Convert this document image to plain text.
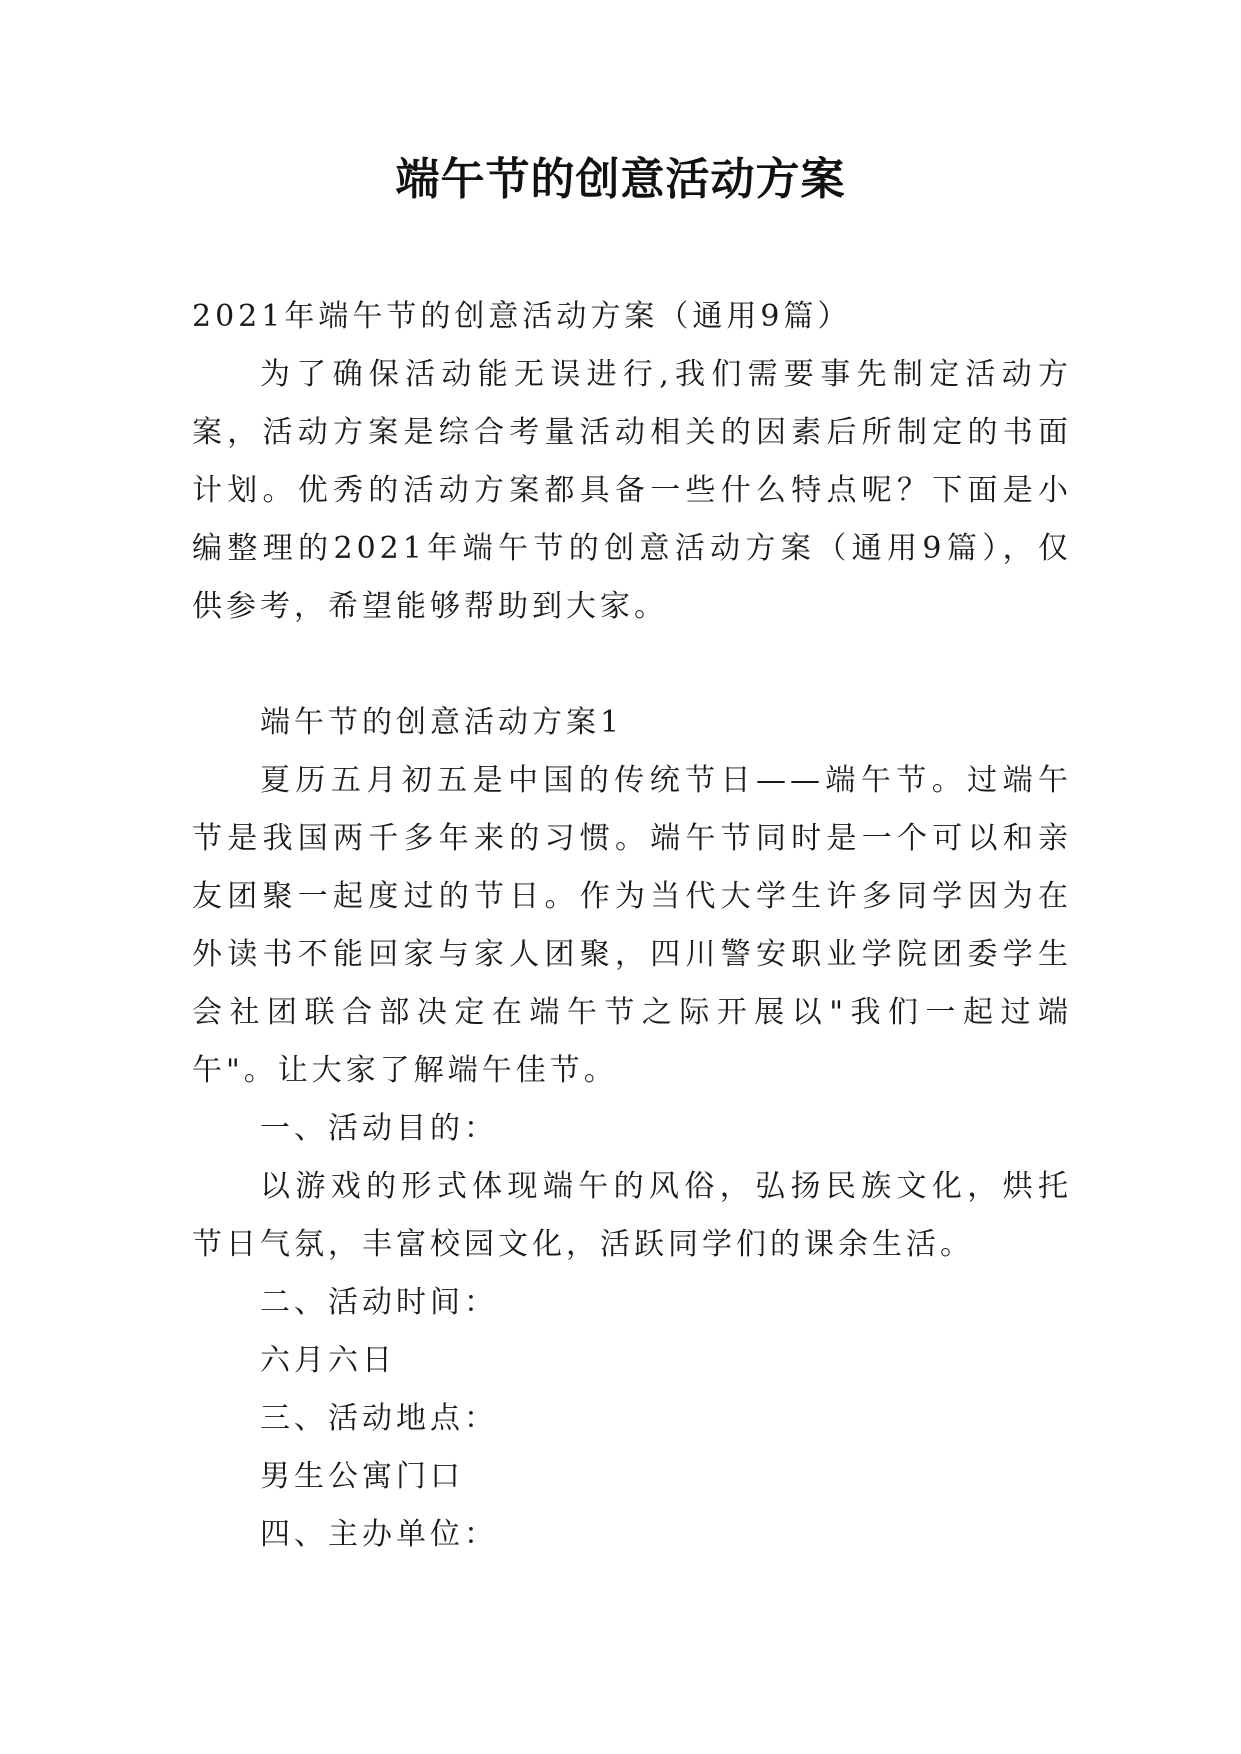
端午节的创意活动方案

2021年端午节的创意活动方案（通用9篇）

为了确保活动能无误进行,我们需要事先制定活动方案，活动方案是综合考量活动相关的因素后所制定的书面计划。优秀的活动方案都具备一些什么特点呢？下面是小编整理的2021年端午节的创意活动方案（通用9篇），仅供参考，希望能够帮助到大家。

端午节的创意活动方案1

夏历五月初五是中国的传统节日——端午节。过端午节是我国两千多年来的习惯。端午节同时是一个可以和亲友团聚一起度过的节日。作为当代大学生许多同学因为在外读书不能回家与家人团聚，四川警安职业学院团委学生会社团联合部决定在端午节之际开展以"我们一起过端午"。让大家了解端午佳节。

一、活动目的：

以游戏的形式体现端午的风俗，弘扬民族文化，烘托节日气氛，丰富校园文化，活跃同学们的课余生活。

二、活动时间：

六月六日

三、活动地点：

男生公寓门口

四、主办单位：
